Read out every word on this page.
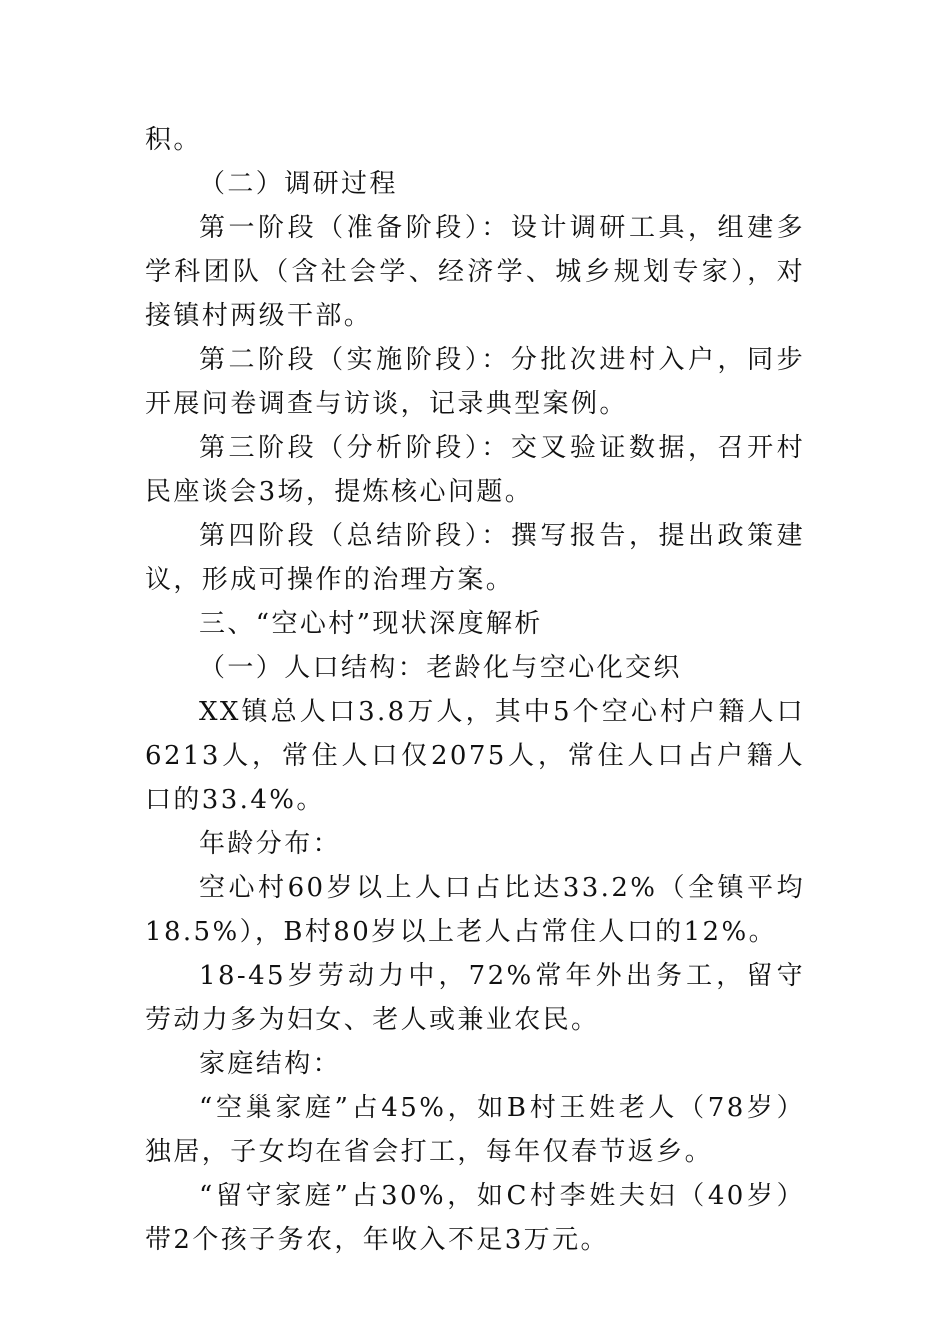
积。

（二）调研过程

第一阶段（准备阶段）：设计调研工具，组建多学科团队（含社会学、经济学、城乡规划专家），对接镇村两级干部。

第二阶段（实施阶段）：分批次进村入户，同步开展问卷调查与访谈，记录典型案例。

第三阶段（分析阶段）：交叉验证数据，召开村民座谈会3场，提炼核心问题。

第四阶段（总结阶段）：撰写报告，提出政策建议，形成可操作的治理方案。

三、“空心村”现状深度解析

（一）人口结构：老龄化与空心化交织

XX镇总人口3.8万人，其中5个空心村户籍人口6213人，常住人口仅2075人，常住人口占户籍人口的33.4%。

年龄分布：

空心村60岁以上人口占比达33.2%（全镇平均18.5%），B村80岁以上老人占常住人口的12%。

18-45岁劳动力中，72%常年外出务工，留守劳动力多为妇女、老人或兼业农民。

家庭结构：

“空巢家庭”占45%，如B村王姓老人（78岁）独居，子女均在省会打工，每年仅春节返乡。

“留守家庭”占30%，如C村李姓夫妇（40岁）带2个孩子务农，年收入不足3万元。
